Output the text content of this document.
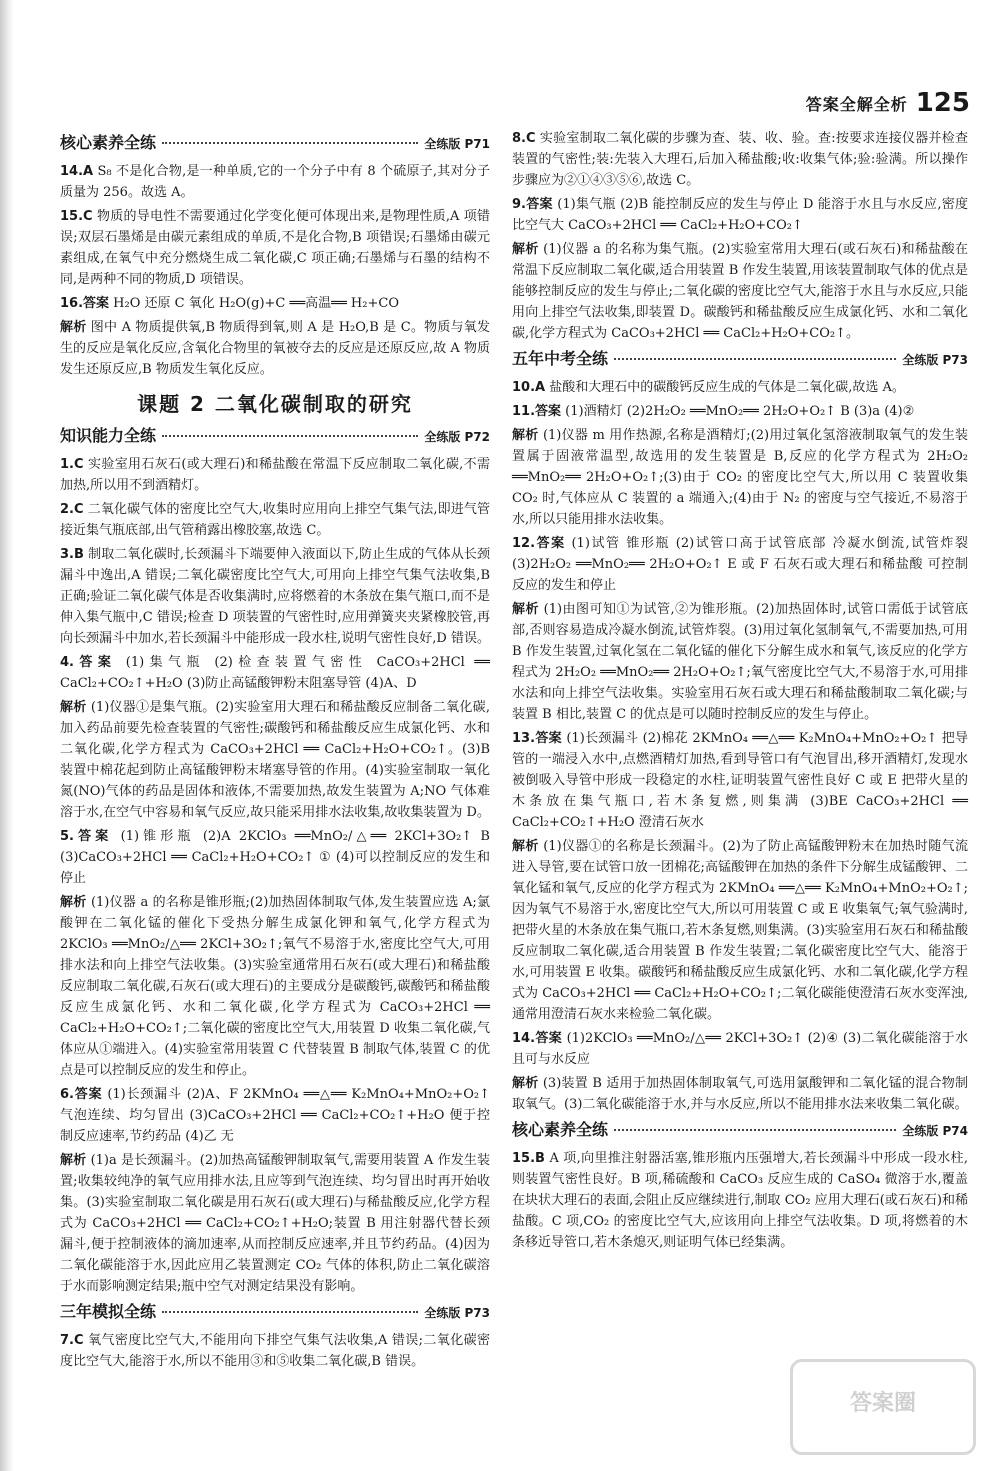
答案全解全析 125
核心素养全练	全练版 P71
14.A S₈ 不是化合物,是一种单质,它的一个分子中有 8 个硫原子,其对分子质量为 256。故选 A。
15.C 物质的导电性不需要通过化学变化便可体现出来,是物理性质,A 项错误;双层石墨烯是由碳元素组成的单质,不是化合物,B 项错误;石墨烯由碳元素组成,在氧气中充分燃烧生成二氧化碳,C 项正确;石墨烯与石墨的结构不同,是两种不同的物质,D 项错误。
16.答案 H₂O 还原 C 氧化 H₂O(g)+C ══高温══ H₂+CO
解析 图中 A 物质提供氧,B 物质得到氧,则 A 是 H₂O,B 是 C。物质与氧发生的反应是氧化反应,含氧化合物里的氧被夺去的反应是还原反应,故 A 物质发生还原反应,B 物质发生氧化反应。
课题 2 二氧化碳制取的研究
知识能力全练	全练版 P72
1.C 实验室用石灰石(或大理石)和稀盐酸在常温下反应制取二氧化碳,不需加热,所以用不到酒精灯。
2.C 二氧化碳气体的密度比空气大,收集时应用向上排空气集气法,即进气管接近集气瓶底部,出气管稍露出橡胶塞,故选 C。
3.B 制取二氧化碳时,长颈漏斗下端要伸入液面以下,防止生成的气体从长颈漏斗中逸出,A 错误;二氧化碳密度比空气大,可用向上排空气集气法收集,B 正确;验证二氧化碳气体是否收集满时,应将燃着的木条放在集气瓶口,而不是伸入集气瓶中,C 错误;检查 D 项装置的气密性时,应用弹簧夹夹紧橡胶管,再向长颈漏斗中加水,若长颈漏斗中能形成一段水柱,说明气密性良好,D 错误。
4.答案 (1)集气瓶 (2)检查装置气密性 CaCO₃+2HCl ══ CaCl₂+CO₂↑+H₂O (3)防止高锰酸钾粉末阻塞导管 (4)A、D
解析 (1)仪器①是集气瓶。(2)实验室用大理石和稀盐酸反应制备二氧化碳,加入药品前要先检查装置的气密性;碳酸钙和稀盐酸反应生成氯化钙、水和二氧化碳,化学方程式为 CaCO₃+2HCl ══ CaCl₂+H₂O+CO₂↑。(3)B 装置中棉花起到防止高锰酸钾粉末堵塞导管的作用。(4)实验室制取一氧化氮(NO)气体的药品是固体和液体,不需要加热,故发生装置为 A;NO 气体难溶于水,在空气中容易和氧气反应,故只能采用排水法收集,故收集装置为 D。
5.答案 (1)锥形瓶 (2)A 2KClO₃ ══MnO₂/△══ 2KCl+3O₂↑ B (3)CaCO₃+2HCl ══ CaCl₂+H₂O+CO₂↑ ① (4)可以控制反应的发生和停止
解析 (1)仪器 a 的名称是锥形瓶;(2)加热固体制取气体,发生装置应选 A;氯酸钾在二氧化锰的催化下受热分解生成氯化钾和氧气,化学方程式为 2KClO₃ ══MnO₂/△══ 2KCl+3O₂↑;氧气不易溶于水,密度比空气大,可用排水法和向上排空气法收集。(3)实验室通常用石灰石(或大理石)和稀盐酸反应制取二氧化碳,石灰石(或大理石)的主要成分是碳酸钙,碳酸钙和稀盐酸反应生成氯化钙、水和二氧化碳,化学方程式为 CaCO₃+2HCl ══ CaCl₂+H₂O+CO₂↑;二氧化碳的密度比空气大,用装置 D 收集二氧化碳,气体应从①端进入。(4)实验室常用装置 C 代替装置 B 制取气体,装置 C 的优点是可以控制反应的发生和停止。
6.答案 (1)长颈漏斗 (2)A、F 2KMnO₄ ══△══ K₂MnO₄+MnO₂+O₂↑ 气泡连续、均匀冒出 (3)CaCO₃+2HCl ══ CaCl₂+CO₂↑+H₂O 便于控制反应速率,节约药品 (4)乙 无
解析 (1)a 是长颈漏斗。(2)加热高锰酸钾制取氧气,需要用装置 A 作发生装置;收集较纯净的氧气应用排水法,且应等到气泡连续、均匀冒出时再开始收集。(3)实验室制取二氧化碳是用石灰石(或大理石)与稀盐酸反应,化学方程式为 CaCO₃+2HCl ══ CaCl₂+CO₂↑+H₂O;装置 B 用注射器代替长颈漏斗,便于控制液体的滴加速率,从而控制反应速率,并且节约药品。(4)因为二氧化碳能溶于水,因此应用乙装置测定 CO₂ 气体的体积,防止二氧化碳溶于水而影响测定结果;瓶中空气对测定结果没有影响。
三年模拟全练	全练版 P73
7.C 氧气密度比空气大,不能用向下排空气集气法收集,A 错误;二氧化碳密度比空气大,能溶于水,所以不能用③和⑤收集二氧化碳,B 错误。
8.C 实验室制取二氧化碳的步骤为查、装、收、验。查:按要求连接仪器并检查装置的气密性;装:先装入大理石,后加入稀盐酸;收:收集气体;验:验满。所以操作步骤应为②①④③⑤⑥,故选 C。
9.答案 (1)集气瓶 (2)B 能控制反应的发生与停止 D 能溶于水且与水反应,密度比空气大 CaCO₃+2HCl ══ CaCl₂+H₂O+CO₂↑
解析 (1)仪器 a 的名称为集气瓶。(2)实验室常用大理石(或石灰石)和稀盐酸在常温下反应制取二氧化碳,适合用装置 B 作发生装置,用该装置制取气体的优点是能够控制反应的发生与停止;二氧化碳的密度比空气大,能溶于水且与水反应,只能用向上排空气法收集,即装置 D。碳酸钙和稀盐酸反应生成氯化钙、水和二氧化碳,化学方程式为 CaCO₃+2HCl ══ CaCl₂+H₂O+CO₂↑。
五年中考全练	全练版 P73
10.A 盐酸和大理石中的碳酸钙反应生成的气体是二氧化碳,故选 A。
11.答案 (1)酒精灯 (2)2H₂O₂ ══MnO₂══ 2H₂O+O₂↑ B (3)a (4)②
解析 (1)仪器 m 用作热源,名称是酒精灯;(2)用过氧化氢溶液制取氧气的发生装置属于固液常温型,故选用的发生装置是 B,反应的化学方程式为 2H₂O₂ ══MnO₂══ 2H₂O+O₂↑;(3)由于 CO₂ 的密度比空气大,所以用 C 装置收集 CO₂ 时,气体应从 C 装置的 a 端通入;(4)由于 N₂ 的密度与空气接近,不易溶于水,所以只能用排水法收集。
12.答案 (1)试管 锥形瓶 (2)试管口高于试管底部 冷凝水倒流,试管炸裂 (3)2H₂O₂ ══MnO₂══ 2H₂O+O₂↑ E 或 F 石灰石或大理石和稀盐酸 可控制反应的发生和停止
解析 (1)由图可知①为试管,②为锥形瓶。(2)加热固体时,试管口需低于试管底部,否则容易造成冷凝水倒流,试管炸裂。(3)用过氧化氢制氧气,不需要加热,可用 B 作发生装置,过氧化氢在二氧化锰的催化下分解生成水和氧气,该反应的化学方程式为 2H₂O₂ ══MnO₂══ 2H₂O+O₂↑;氧气密度比空气大,不易溶于水,可用排水法和向上排空气法收集。实验室用石灰石或大理石和稀盐酸制取二氧化碳;与装置 B 相比,装置 C 的优点是可以随时控制反应的发生与停止。
13.答案 (1)长颈漏斗 (2)棉花 2KMnO₄ ══△══ K₂MnO₄+MnO₂+O₂↑ 把导管的一端浸入水中,点燃酒精灯加热,看到导管口有气泡冒出,移开酒精灯,发现水被倒吸入导管中形成一段稳定的水柱,证明装置气密性良好 C 或 E 把带火星的木条放在集气瓶口,若木条复燃,则集满 (3)BE CaCO₃+2HCl ══ CaCl₂+CO₂↑+H₂O 澄清石灰水
解析 (1)仪器①的名称是长颈漏斗。(2)为了防止高锰酸钾粉末在加热时随气流进入导管,要在试管口放一团棉花;高锰酸钾在加热的条件下分解生成锰酸钾、二氧化锰和氧气,反应的化学方程式为 2KMnO₄ ══△══ K₂MnO₄+MnO₂+O₂↑;因为氧气不易溶于水,密度比空气大,所以可用装置 C 或 E 收集氧气;氧气验满时,把带火星的木条放在集气瓶口,若木条复燃,则集满。(3)实验室用石灰石和稀盐酸反应制取二氧化碳,适合用装置 B 作发生装置;二氧化碳密度比空气大、能溶于水,可用装置 E 收集。碳酸钙和稀盐酸反应生成氯化钙、水和二氧化碳,化学方程式为 CaCO₃+2HCl ══ CaCl₂+H₂O+CO₂↑;二氧化碳能使澄清石灰水变浑浊,通常用澄清石灰水来检验二氧化碳。
14.答案 (1)2KClO₃ ══MnO₂/△══ 2KCl+3O₂↑ (2)④ (3)二氧化碳能溶于水且可与水反应
解析 (3)装置 B 适用于加热固体制取氧气,可选用氯酸钾和二氧化锰的混合物制取氧气。(3)二氧化碳能溶于水,并与水反应,所以不能用排水法来收集二氧化碳。
核心素养全练	全练版 P74
15.B A 项,向里推注射器活塞,锥形瓶内压强增大,若长颈漏斗中形成一段水柱,则装置气密性良好。B 项,稀硫酸和 CaCO₃ 反应生成的 CaSO₄ 微溶于水,覆盖在块状大理石的表面,会阻止反应继续进行,制取 CO₂ 应用大理石(或石灰石)和稀盐酸。C 项,CO₂ 的密度比空气大,应该用向上排空气法收集。D 项,将燃着的木条移近导管口,若木条熄灭,则证明气体已经集满。
答案圈
